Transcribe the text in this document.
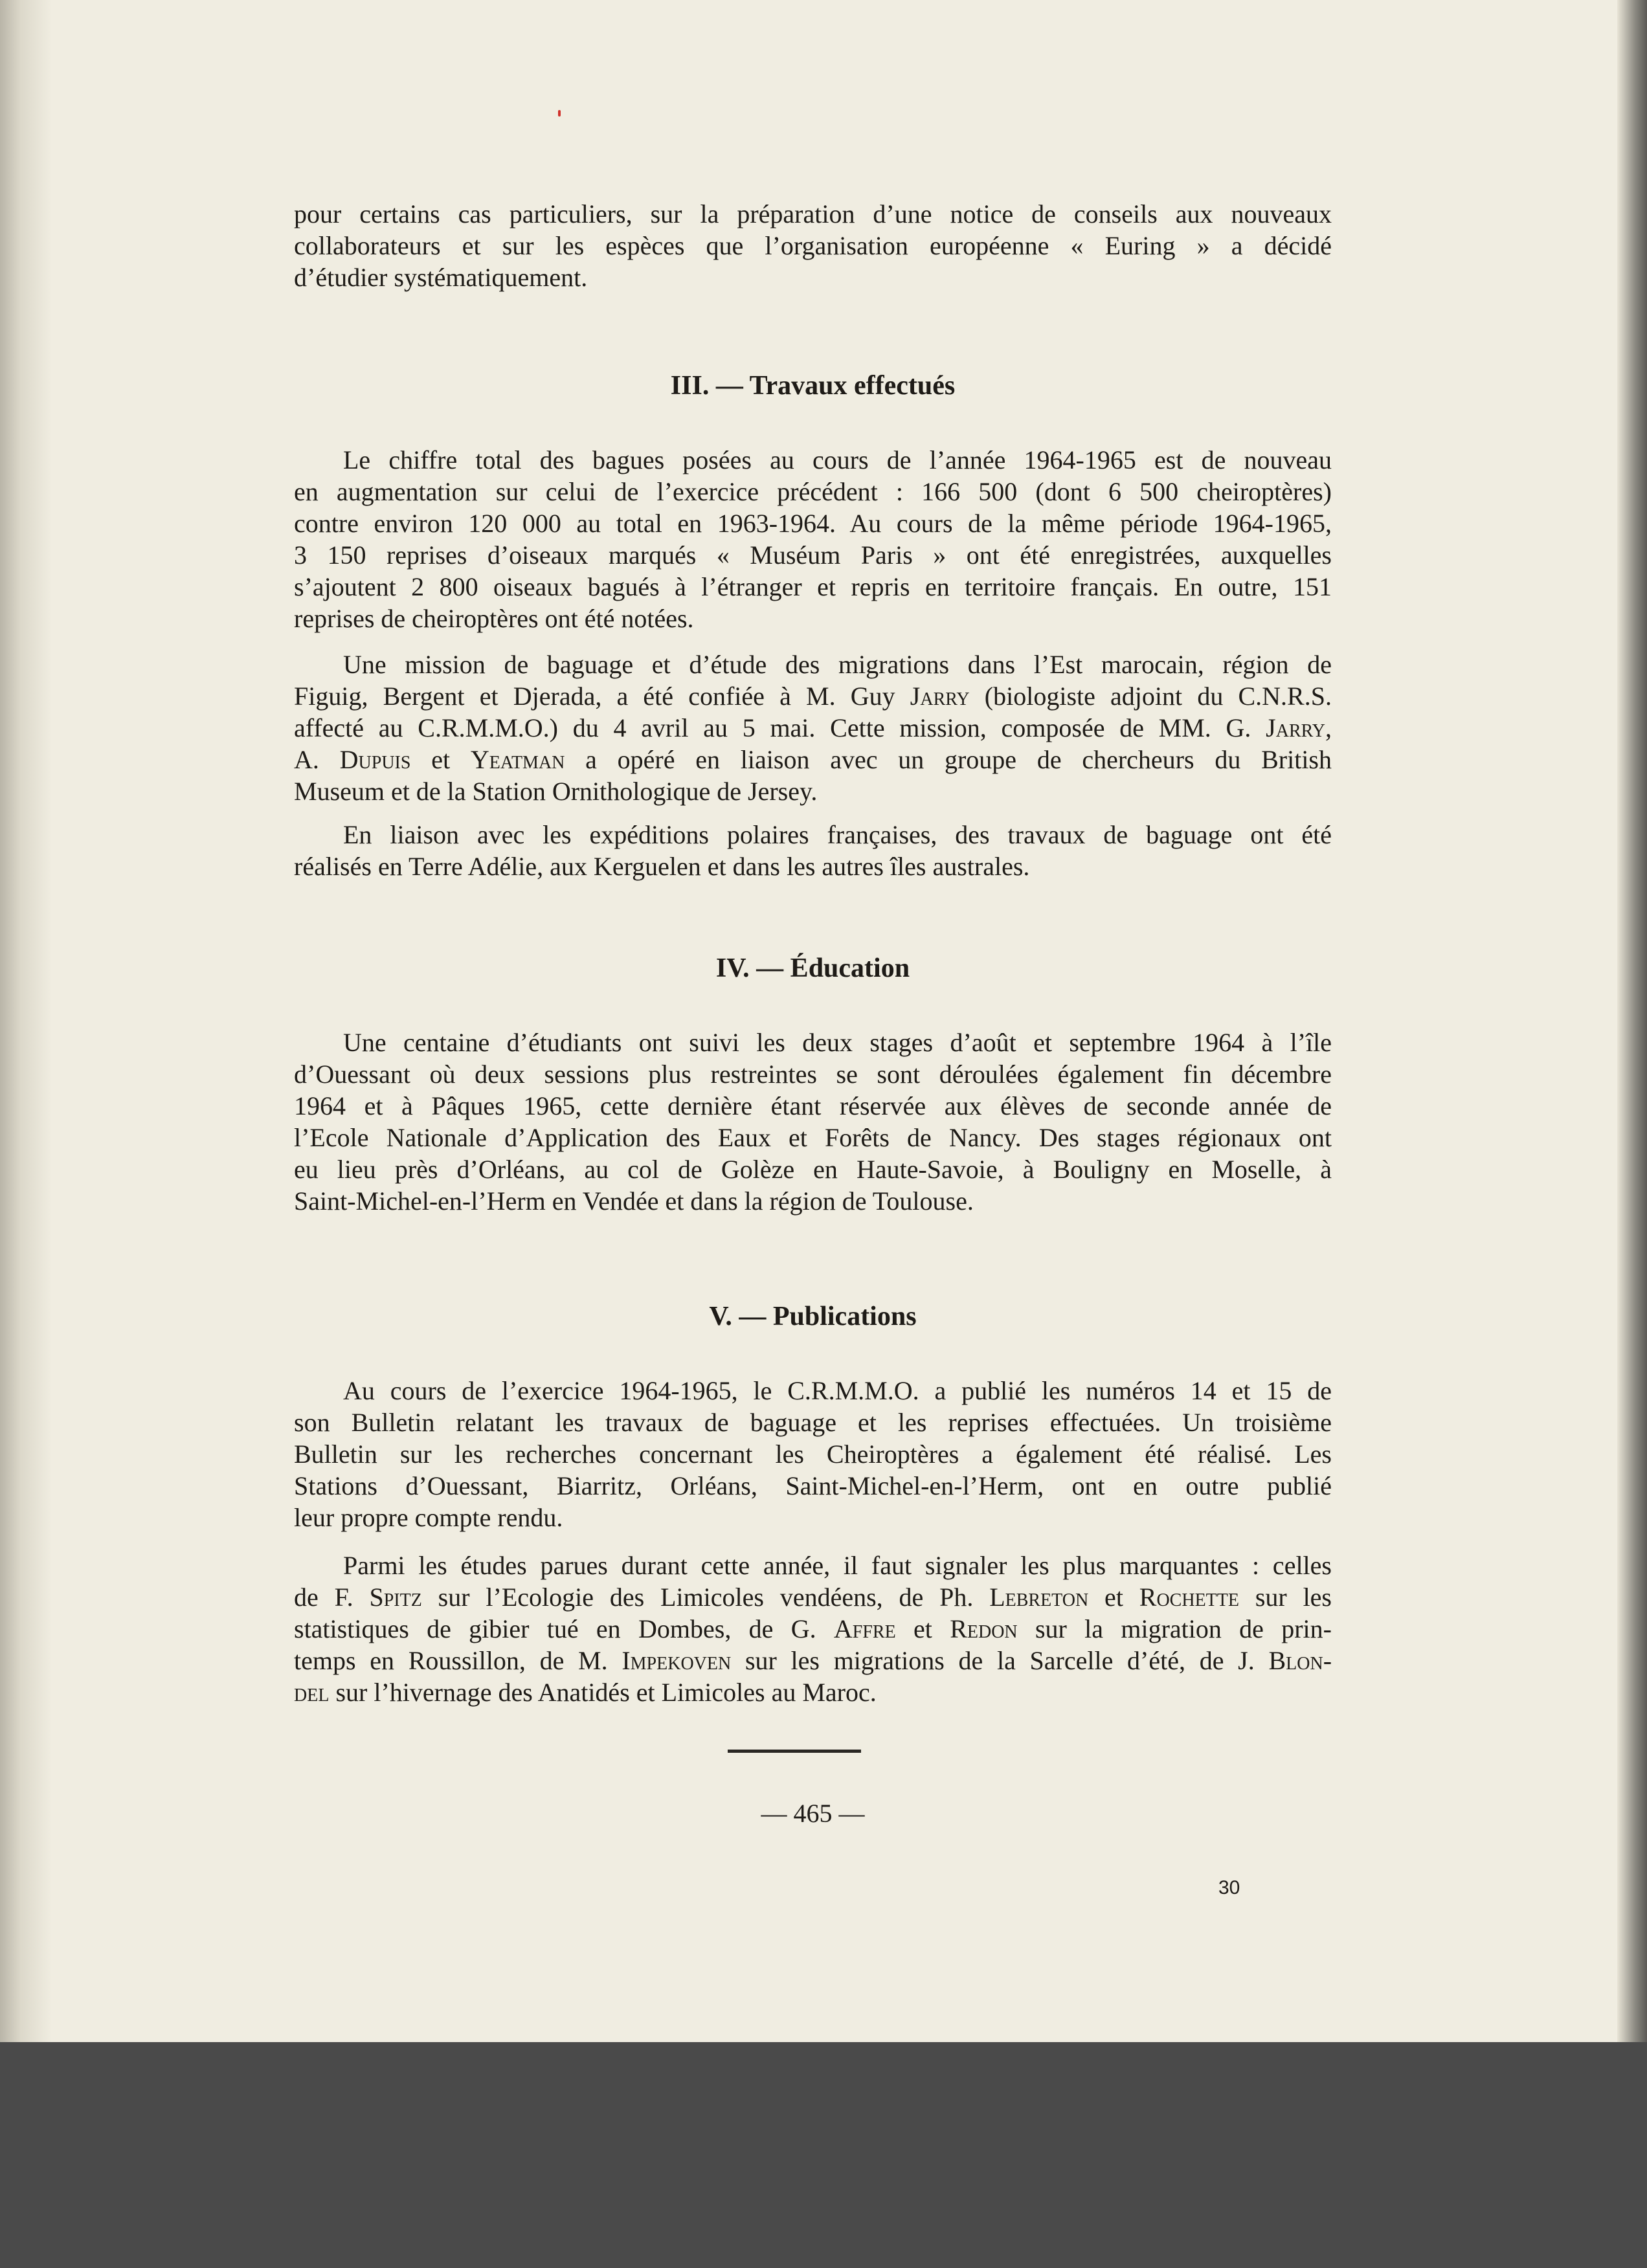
pour certains cas particuliers, sur la préparation d’une notice de conseils aux nouveaux
collaborateurs et sur les espèces que l’organisation européenne « Euring » a décidé
d’étudier systématiquement.
III. — Travaux effectués
Le chiffre total des bagues posées au cours de l’année 1964-1965 est de nouveau
en augmentation sur celui de l’exercice précédent : 166 500 (dont 6 500 cheiroptères)
contre environ 120 000 au total en 1963-1964. Au cours de la même période 1964-1965,
3 150 reprises d’oiseaux marqués « Muséum Paris » ont été enregistrées, auxquelles
s’ajoutent 2 800 oiseaux bagués à l’étranger et repris en territoire français. En outre, 151
reprises de cheiroptères ont été notées.
Une mission de baguage et d’étude des migrations dans l’Est marocain, région de
Figuig, Bergent et Djerada, a été confiée à M. Guy Jarry (biologiste adjoint du C.N.R.S.
affecté au C.R.M.M.O.) du 4 avril au 5 mai. Cette mission, composée de MM. G. Jarry,
A. Dupuis et Yeatman a opéré en liaison avec un groupe de chercheurs du British
Museum et de la Station Ornithologique de Jersey.
En liaison avec les expéditions polaires françaises, des travaux de baguage ont été
réalisés en Terre Adélie, aux Kerguelen et dans les autres îles australes.
IV. — Éducation
Une centaine d’étudiants ont suivi les deux stages d’août et septembre 1964 à l’île
d’Ouessant où deux sessions plus restreintes se sont déroulées également fin décembre
1964 et à Pâques 1965, cette dernière étant réservée aux élèves de seconde année de
l’Ecole Nationale d’Application des Eaux et Forêts de Nancy. Des stages régionaux ont
eu lieu près d’Orléans, au col de Golèze en Haute-Savoie, à Bouligny en Moselle, à
Saint-Michel-en-l’Herm en Vendée et dans la région de Toulouse.
V. — Publications
Au cours de l’exercice 1964-1965, le C.R.M.M.O. a publié les numéros 14 et 15 de
son Bulletin relatant les travaux de baguage et les reprises effectuées. Un troisième
Bulletin sur les recherches concernant les Cheiroptères a également été réalisé. Les
Stations d’Ouessant, Biarritz, Orléans, Saint-Michel-en-l’Herm, ont en outre publié
leur propre compte rendu.
Parmi les études parues durant cette année, il faut signaler les plus marquantes : celles
de F. Spitz sur l’Ecologie des Limicoles vendéens, de Ph. Lebreton et Rochette sur les
statistiques de gibier tué en Dombes, de G. Affre et Redon sur la migration de prin-
temps en Roussillon, de M. Impekoven sur les migrations de la Sarcelle d’été, de J. Blon-
del sur l’hivernage des Anatidés et Limicoles au Maroc.
— 465 —
30
